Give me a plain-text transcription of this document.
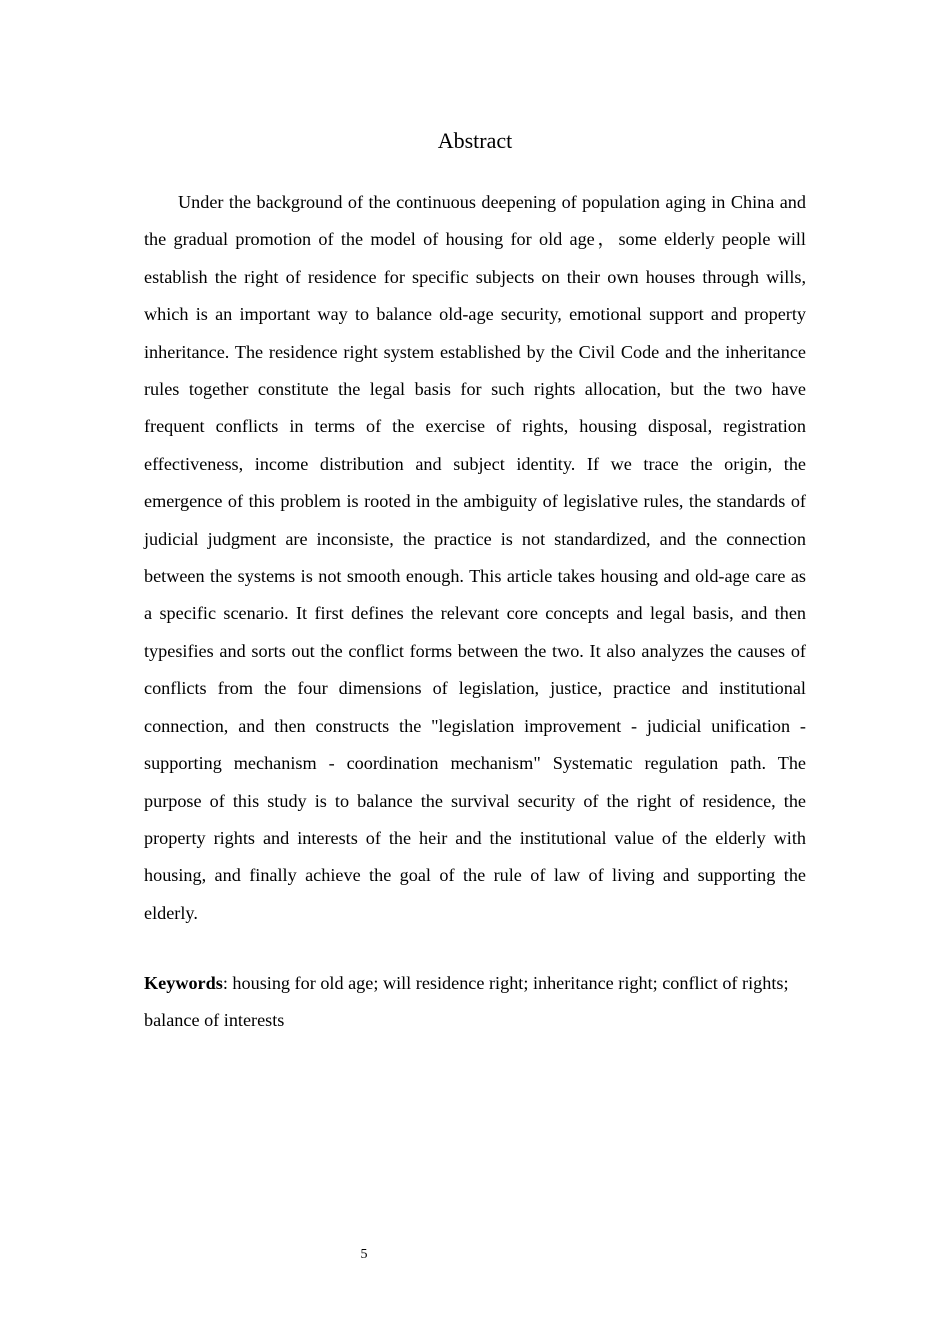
Abstract

Under the background of the continuous deepening of population aging in China and the gradual promotion of the model of housing for old age，some elderly people will establish the right of residence for specific subjects on their own houses through wills, which is an important way to balance old-age security, emotional support and property inheritance. The residence right system established by the Civil Code and the inheritance rules together constitute the legal basis for such rights allocation, but the two have frequent conflicts in terms of the exercise of rights, housing disposal, registration effectiveness, income distribution and subject identity. If we trace the origin, the emergence of this problem is rooted in the ambiguity of legislative rules, the standards of judicial judgment are inconsiste, the practice is not standardized, and the connection between the systems is not smooth enough. This article takes housing and old-age care as a specific scenario. It first defines the relevant core concepts and legal basis, and then typesifies and sorts out the conflict forms between the two. It also analyzes the causes of conflicts from the four dimensions of legislation, justice, practice and institutional connection, and then constructs the "legislation improvement - judicial unification - supporting mechanism - coordination mechanism" Systematic regulation path. The purpose of this study is to balance the survival security of the right of residence, the property rights and interests of the heir and the institutional value of the elderly with housing, and finally achieve the goal of the rule of law of living and supporting the elderly.

Keywords: housing for old age; will residence right; inheritance right; conflict of rights; balance of interests

5
